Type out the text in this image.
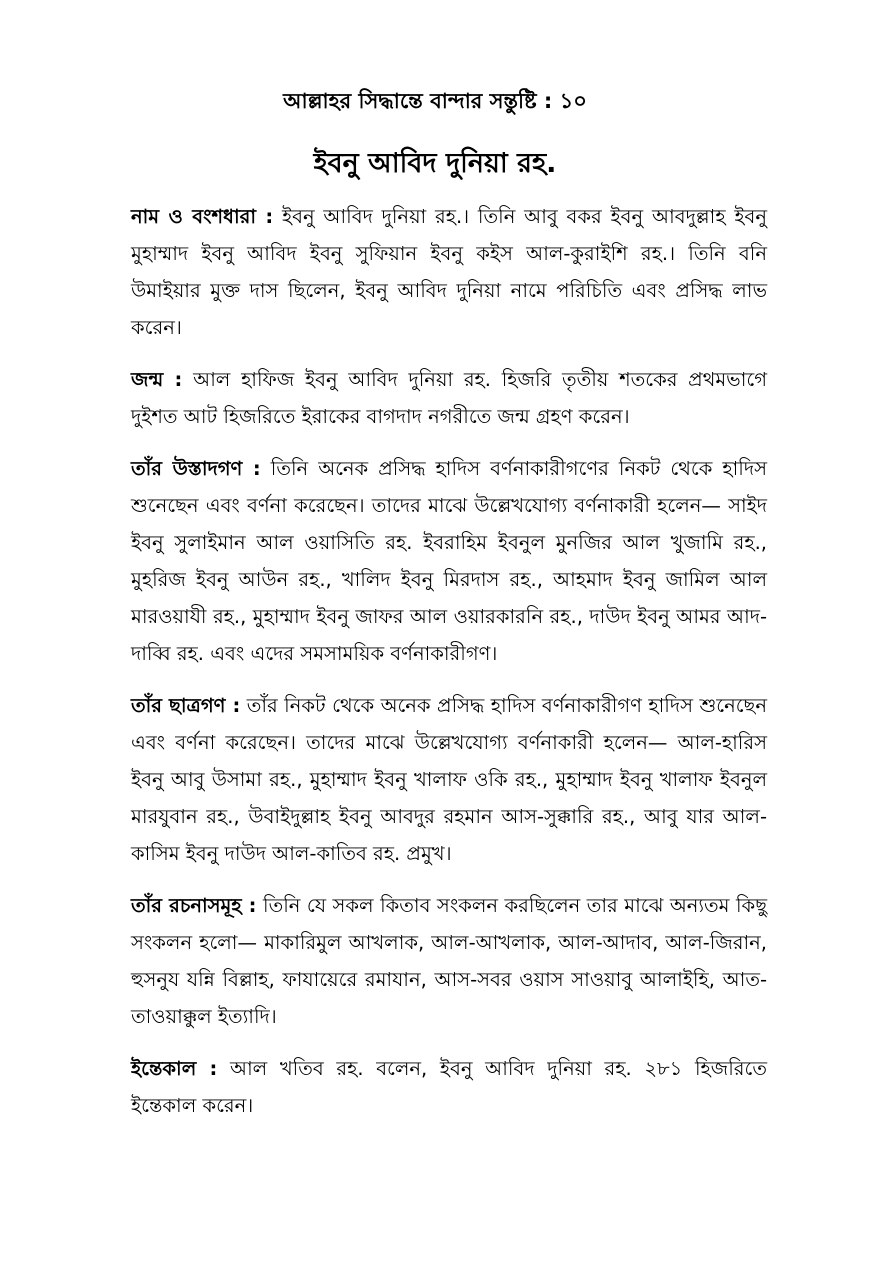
আল্লাহর সিদ্ধান্তে বান্দার সন্তুষ্টি : ১০
ইবনু আবিদ দুনিয়া রহ.

নাম ও বংশধারা : ইবনু আবিদ দুনিয়া রহ.। তিনি আবু বকর ইবনু আবদুল্লাহ ইবনু মুহাম্মাদ ইবনু আবিদ ইবনু সুফিয়ান ইবনু কইস আল-কুরাইশি রহ.। তিনি বনি উমাইয়ার মুক্ত দাস ছিলেন, ইবনু আবিদ দুনিয়া নামে পরিচিতি এবং প্রসিদ্ধ লাভ করেন।

জন্ম : আল হাফিজ ইবনু আবিদ দুনিয়া রহ. হিজরি তৃতীয় শতকের প্রথমভাগে দুইশত আট হিজরিতে ইরাকের বাগদাদ নগরীতে জন্ম গ্রহণ করেন।

তাঁর উস্তাদগণ : তিনি অনেক প্রসিদ্ধ হাদিস বর্ণনাকারীগণের নিকট থেকে হাদিস শুনেছেন এবং বর্ণনা করেছেন। তাদের মাঝে উল্লেখযোগ্য বর্ণনাকারী হলেন— সাইদ ইবনু সুলাইমান আল ওয়াসিতি রহ. ইবরাহিম ইবনুল মুনজির আল খুজামি রহ., মুহরিজ ইবনু আউন রহ., খালিদ ইবনু মিরদাস রহ., আহমাদ ইবনু জামিল আল মারওয়াযী রহ., মুহাম্মাদ ইবনু জাফর আল ওয়ারকারনি রহ., দাউদ ইবনু আমর আদ-দাব্বি রহ. এবং এদের সমসাময়িক বর্ণনাকারীগণ।

তাঁর ছাত্রগণ : তাঁর নিকট থেকে অনেক প্রসিদ্ধ হাদিস বর্ণনাকারীগণ হাদিস শুনেছেন এবং বর্ণনা করেছেন। তাদের মাঝে উল্লেখযোগ্য বর্ণনাকারী হলেন— আল-হারিস ইবনু আবু উসামা রহ., মুহাম্মাদ ইবনু খালাফ ওকি রহ., মুহাম্মাদ ইবনু খালাফ ইবনুল মারযুবান রহ., উবাইদুল্লাহ ইবনু আবদুর রহমান আস-সুক্কারি রহ., আবু যার আল-কাসিম ইবনু দাউদ আল-কাতিব রহ. প্রমুখ।

তাঁর রচনাসমূহ : তিনি যে সকল কিতাব সংকলন করছিলেন তার মাঝে অন্যতম কিছু সংকলন হলো— মাকারিমুল আখলাক, আল-আখলাক, আল-আদাব, আল-জিরান, হুসনুয যন্নি বিল্লাহ, ফাযায়েরে রমাযান, আস-সবর ওয়াস সাওয়াবু আলাইহি, আত-তাওয়াক্কুল ইত্যাদি।

ইন্তেকাল : আল খতিব রহ. বলেন, ইবনু আবিদ দুনিয়া রহ. ২৮১ হিজরিতে ইন্তেকাল করেন।
